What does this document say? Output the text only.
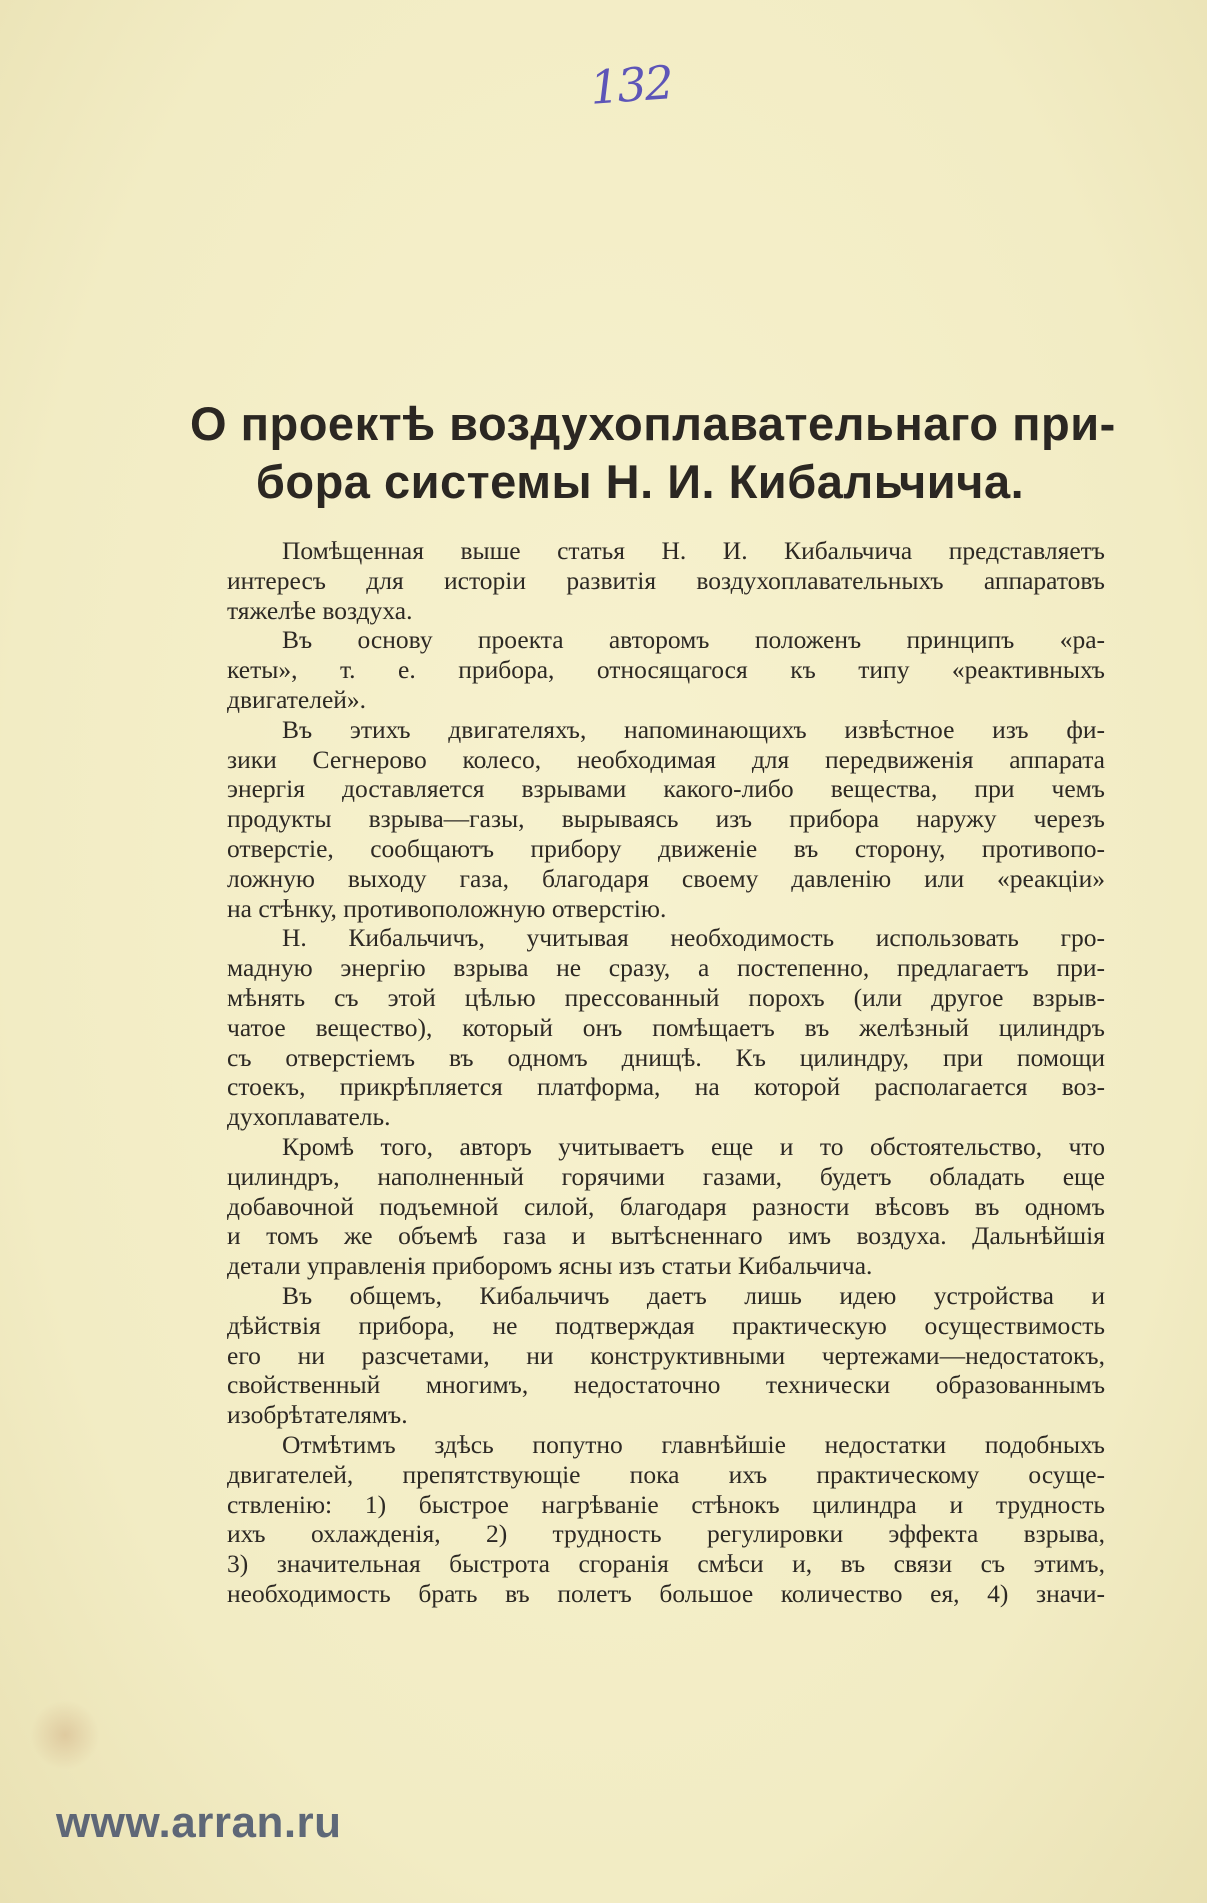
132
О проектѣ воздухоплавательнаго при-
бора системы Н. И. Кибальчича.
Помѣщенная выше статья Н. И. Кибальчича представляетъ
интересъ для исторіи развитія воздухоплавательныхъ аппаратовъ
тяжелѣе воздуха.
Въ основу проекта авторомъ положенъ принципъ «ра-
кеты», т. е. прибора, относящагося къ типу «реактивныхъ
двигателей».
Въ этихъ двигателяхъ, напоминающихъ извѣстное изъ фи-
зики Сегнерово колесо, необходимая для передвиженія аппарата
энергія доставляется взрывами какого-либо вещества, при чемъ
продукты взрыва—газы, вырываясь изъ прибора наружу черезъ
отверстіе, сообщаютъ прибору движеніе въ сторону, противопо-
ложную выходу газа, благодаря своему давленію или «реакціи»
на стѣнку, противоположную отверстію.
Н. Кибальчичъ, учитывая необходимость использовать гро-
мадную энергію взрыва не сразу, а постепенно, предлагаетъ при-
мѣнять съ этой цѣлью прессованный порохъ (или другое взрыв-
чатое вещество), который онъ помѣщаетъ въ желѣзный цилиндръ
съ отверстіемъ въ одномъ днищѣ. Къ цилиндру, при помощи
стоекъ, прикрѣпляется платформа, на которой располагается воз-
духоплаватель.
Кромѣ того, авторъ учитываетъ еще и то обстоятельство, что
цилиндръ, наполненный горячими газами, будетъ обладать еще
добавочной подъемной силой, благодаря разности вѣсовъ въ одномъ
и томъ же объемѣ газа и вытѣсненнаго имъ воздуха. Дальнѣйшія
детали управленія приборомъ ясны изъ статьи Кибальчича.
Въ общемъ, Кибальчичъ даетъ лишь идею устройства и
дѣйствія прибора, не подтверждая практическую осуществимость
его ни разсчетами, ни конструктивными чертежами—недостатокъ,
свойственный многимъ, недостаточно технически образованнымъ
изобрѣтателямъ.
Отмѣтимъ здѣсь попутно главнѣйшіе недостатки подобныхъ
двигателей, препятствующіе пока ихъ практическому осуще-
ствленію: 1) быстрое нагрѣваніе стѣнокъ цилиндра и трудность
ихъ охлажденія, 2) трудность регулировки эффекта взрыва,
3) значительная быстрота сгоранія смѣси и, въ связи съ этимъ,
необходимость брать въ полетъ большое количество ея, 4) значи-
www.arran.ru
